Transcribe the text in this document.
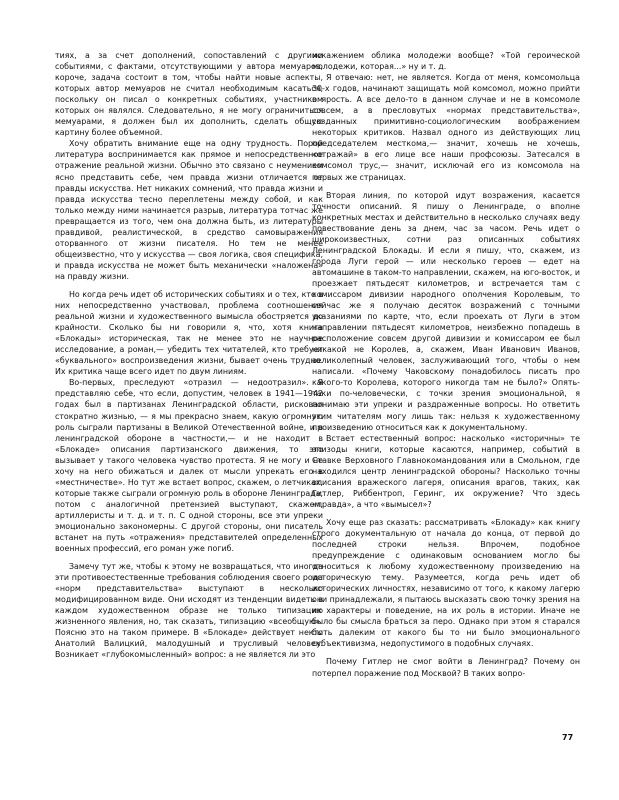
тиях, а за счет дополнений, сопоставлений с другими событиями, с фактами, отсутствующими у автора мемуаров, короче, задача состоит в том, чтобы найти новые аспекты, которых автор мемуаров не считал необходимым касаться, поскольку он писал о конкретных событиях, участником которых он являлся. Следовательно, я не могу ограничиться мемуарами, я должен был их дополнить, сделать общую картину более объемной.

Хочу обратить внимание еще на одну трудность. Порой литература воспринимается как прямое и непосредственное отражение реальной жизни. Обычно это связано с неумением ясно представить себе, чем правда жизни отличается от правды искусства. Нет никаких сомнений, что правда жизни и правда искусства тесно переплетены между собой, и как только между ними начинается разрыв, литература тотчас же превращается из того, чем она должна быть, из литературы правдивой, реалистической, в средство самовыражения оторванного от жизни писателя. Но тем не менее общеизвестно, что у искусства — своя логика, своя специфика, и правда искусства не может быть механически «наложена» на правду жизни.

Но когда речь идет об исторических событиях и о тех, кто в них непосредственно участвовал, проблема соотношения реальной жизни и художественного вымысла обостряется до крайности. Сколько бы ни говорили я, что, хотя книга «Блокады» историческая, так не менее это не научное исследование, а роман,— убедить тех читателей, кто требует «буквального» воспроизведения жизни, бывает очень трудно. Их критика чаще всего идет по двум линиям.

Во-первых, преследуют «отразил — недоотразил». Я представляю себе, что если, допустим, человек в 1941—1942 годах был в партизанах Ленинградской области, рисковал стократно жизнью, — я мы прекрасно знаем, какую огромную роль сыграли партизаны в Великой Отечественной войне, и в ленинградской обороне в частности,— и не находит в «Блокаде» описания партизанского движения, то это вызывает у такого человека чувство протеста. Я не могу и не хочу на него обижаться и далек от мысли упрекать его в «местничестве». Но тут же встает вопрос, скажем, о летчиках, которые также сыграли огромную роль в обороне Ленинграда, потом с аналогичной претензией выступают, скажем, артиллеристы и т. д. и т. п. С одной стороны, все эти упреки эмоционально закономерны. С другой стороны, они писатель встанет на путь «отражения» представителей определенных военных профессий, его роман уже погиб.

Замечу тут же, чтобы к этому не возвращаться, что иногда эти противоестественные требования соблюдения своего рода «норм представительства» выступают в несколько модифицированном виде. Они исходят из тенденции видеть в каждом художественном образе не только типизацию жизненного явления, но, так сказать, типизацию «всеобщую». Поясню это на таком примере. В «Блокаде» действует некто Анатолий Валицкий, малодушный и трусливый человек. Возникает «глубокомысленный» вопрос: а не является ли это

искажением облика молодежи вообще? «Той героической молодежи, которая...» ну и т. д.

Я отвечаю: нет, не является. Когда от меня, комсомольца 30-х годов, начинают защищать мой комсомол, можно прийти в ярость. А все дело-то в данном случае и не в комсомоле совсем, а в пресловутых «нормах представительства», созданных примитивно-социологическим воображением некоторых критиков. Назвал одного из действующих лиц председателем месткома,— значит, хочешь не хочешь, «отражай» в его лице все наши профсоюзы. Затесался в комсомол трус,— значит, исключай его из комсомола на первых же страницах.

Вторая линия, по которой идут возражения, касается точности описаний. Я пишу о Ленинграде, о вполне конкретных местах и действительно в несколько случаях веду повествование день за днем, час за часом. Речь идет о широкоизвестных, сотни раз описанных событиях Ленинградской Блокады. И если я пишу, что, скажем, из города Луги герой — или несколько героев — едет на автомашине в таком-то направлении, скажем, на юго-восток, и проезжает пятьдесят километров, и встречается там с комиссаром дивизии народного ополчения Королевым, то сейчас же я получаю десяток возражений с точными указаниями по карте, что, если проехать от Луги в этом направлении пятьдесят километров, неизбежно попадешь в расположение совсем другой дивизии и комиссаром ее был никакой не Королев, а, скажем, Иван Иванович Иванов, великолепный человек, заслуживающий того, чтобы о нем написали. «Почему Чаковскому понадобилось писать про какого-то Королева, которого никогда там не было?» Опять-таки по-человечески, с точки зрения эмоциональной, я понимаю эти упреки и раздраженные вопросы. Но ответить этим читателям могу лишь так: нельзя к художественному произведению относиться как к документальному.

Встает естественный вопрос: насколько «историчны» те эпизоды книги, которые касаются, например, событий в Ставке Верховного Главнокомандования или в Смольном, где находился центр ленинградской обороны? Насколько точны описания вражеского лагеря, описания врагов, таких, как Гитлер, Риббентроп, Геринг, их окружение? Что здесь «правда», а что «вымысел»?

Хочу еще раз сказать: рассматривать «Блокаду» как книгу строго документальную от начала до конца, от первой до последней строки нельзя. Впрочем, подобное предупреждение с одинаковым основанием могло бы относиться к любому художественному произведению на историческую тему. Разумеется, когда речь идет об исторических личностях, независимо от того, к какому лагерю они принадлежали, я пытаюсь высказать свою точку зрения на их характеры и поведение, на их роль в истории. Иначе не было бы смысла браться за перо. Однако при этом я старался быть далеким от какого бы то ни было эмоционального субъективизма, недопустимого в подобных случаях.

Почему Гитлер не смог войти в Ленинград? Почему он потерпел поражение под Москвой? В таких вопро-

77
